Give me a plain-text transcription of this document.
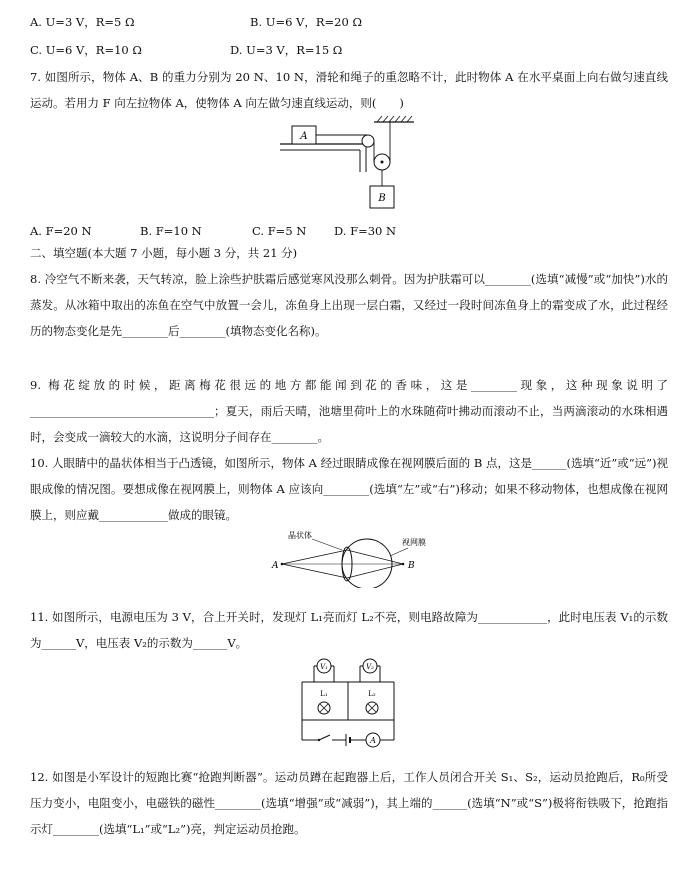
A. U=3 V，R=5 Ω	B. U=6 V，R=20 Ω
C. U=6 V，R=10 Ω	D. U=3 V，R=15 Ω
7. 如图所示，物体 A、B 的重力分别为 20 N、10 N，滑轮和绳子的重忽略不计，此时物体 A 在水平桌面上向右做匀速直线运动。若用力 F 向左拉物体 A，使物体 A 向左做匀速直线运动，则(　　)
A
B
A. F=20 N	B. F=10 N	C. F=5 N D. F=30 N
二、填空题(本大题 7 小题，每小题 3 分，共 21 分)
8. 冷空气不断来袭，天气转凉，脸上涂些护肤霜后感觉寒风没那么刺骨。因为护肤霜可以________(选填“减慢”或“加快”)水的蒸发。从冰箱中取出的冻鱼在空气中放置一会儿，冻鱼身上出现一层白霜，又经过一段时间冻鱼身上的霜变成了水，此过程经历的物态变化是先________后________(填物态变化名称)。
9. 梅花绽放的时候，距离梅花很远的地方都能闻到花的香味，这是________现象，这种现象说明了________________________________；夏天，雨后天晴，池塘里荷叶上的水珠随荷叶拂动而滚动不止，当两滴滚动的水珠相遇时，会变成一滴较大的水滴，这说明分子间存在________。
10. 人眼睛中的晶状体相当于凸透镜，如图所示，物体 A 经过眼睛成像在视网膜后面的 B 点，这是______(选填“近”或“远”)视眼成像的情况图。要想成像在视网膜上，则物体 A 应该向________(选填“左”或“右”)移动；如果不移动物体，也想成像在视网膜上，则应戴____________做成的眼镜。
晶状体
视网膜
A	B
11. 如图所示，电源电压为 3 V，合上开关时，发现灯 L₁亮而灯 L₂不亮，则电路故障为____________，此时电压表 V₁的示数为______V，电压表 V₂的示数为______V。
V₁	V₂
L₁	L₂
A
12. 如图是小军设计的短跑比赛“抢跑判断器”。运动员蹲在起跑器上后，工作人员闭合开关 S₁、S₂，运动员抢跑后，R₀所受压力变小，电阻变小，电磁铁的磁性________(选填“增强”或“减弱”)，其上端的______(选填“N”或“S”)极将衔铁吸下，抢跑指示灯________(选填“L₁”或“L₂”)亮，判定运动员抢跑。
